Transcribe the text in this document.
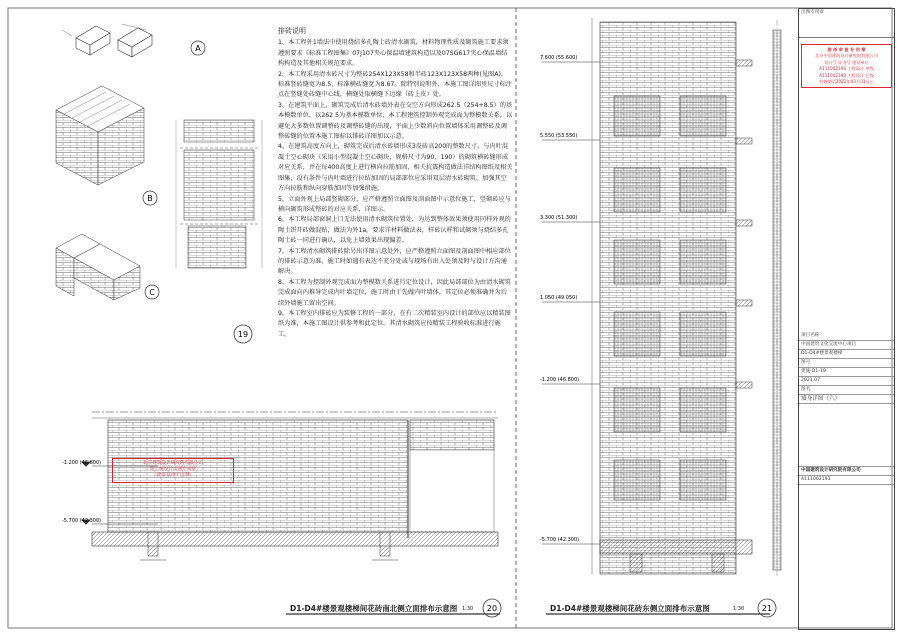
A
B
C
19
-1.200 (46.800)
-5.700 (42.300)
20
7.600 (55.600)
5.550 (53.550)
3.300 (51.300)
1.050 (49.050)
-1.200 (46.800)
-5.700 (42.300)
21
排砖说明

1、本工程外1墙法中使用烧结多孔陶土砖清水砌筑，材料物理性质及砌筑施工要求须遵照要求《标准工程图集》07J107夹心保温墙建筑构造以及07SG617夹心保温墙结构构造及其他相关规范要求。

2、本工程采用清水砖尺寸为整砖254X123X58和半砖123X123X58两种(见图A)，标准竖砖缝宽为8.5，标准横砖缝宽为8.67。除特别说明外，本施工图详图里尺寸标注点在竖缝处砖缝中心线，横缝处取横缝下边缘（砖上皮）处。

3、在建筑平面上，砌筑完成后清水砖墙外表在交空方向形成262.5（254+8.5）的基本模数单位，以262.5为基本模数单位，本工程建筑控制外观完成面为整模数关系，以避免大多数位置调整砖及调整砖缝的出现，平面上少数斜向位置墙体采用调整砖及调整砖缝的位置本施工图标以排砖详图加以示意。

4、在建筑高度方向上，砌筑完成后清水砖墙形成3皮砖高200的整数尺寸，与内叶混凝土空心砌块（采用小型混凝土空心砌块，规格尺寸为90，190）的砌筑横砖缝形成对应关系，并在每400高度上进行横向拉筋加固，相关抗震构造做法详结构图纸及相关图集，没有条件与内叶墙进行拉结加固的局部部位应采用双层清水砖砌筑，加强其空方向拉筋和纵向穿筋加固等加强措施。

5、立面外观上局部竖砌部分，应严格遵照立面图及剖面图中示意位施工，竖砌砖应与横向砌筑形成整砖的对应关系，详图示。

6、本工程局部窗洞上口无法使用清水砌筑位置处，为达到整体效果须使用同样外观的陶土饼开砖做混贴，做法为外1a。要求详材料做法表，样砖认样和试砌须与烧结多孔陶土砖一同进行确认，以免上墙效果出现偏差。

7、本工程清水砌筑排砖除另出详图示意处外，应严格遵照立面图及剖面图中相应部位的排砖示意为准，施工时如遇有表达不充分处或与现场有出入处须及时与设计方沟通解决。

8、本工程为控制外观完成面为整模数关系进行定位设计，因此局部部位为由清水砌筑完成面向内推导完成内叶墙定位，施工时由于先做内叶墙体，其定位必须准确并为后续外墙施工留出空间。

9、本工程室内排砖应为装修工程的一部分，在有二次精装室内设计的部位应以精装图纸为准，本施工图设计供参考和此定位。其清水砌筑应按精装工程验收标准进行施工。

北京建筑设计研究院有限公司
施工图设计出图专用章
（此章仅用于出图）
D1-D4#楼景观楼梯间花砖南北侧立面排布示意图 1:30	D1-D4#楼景观楼梯间花砖东侧立面排布示意图	1:30
出图专用章
图 纸 审 查 专 用 章
北京中国建筑设计研究院有限公司
设计号 证书号 建设单位
A111002193 工程设计 甲级
A111002190 工程设计 乙级
有效期至2022年03月31日止
项目名称
中国建筑文化交流中心项目
D1-D4#楼景观楼梯
图号
建施-D1-19
2021.07
图名
墙身详图（六）
中国建筑设计研究院有限公司
A111002193
